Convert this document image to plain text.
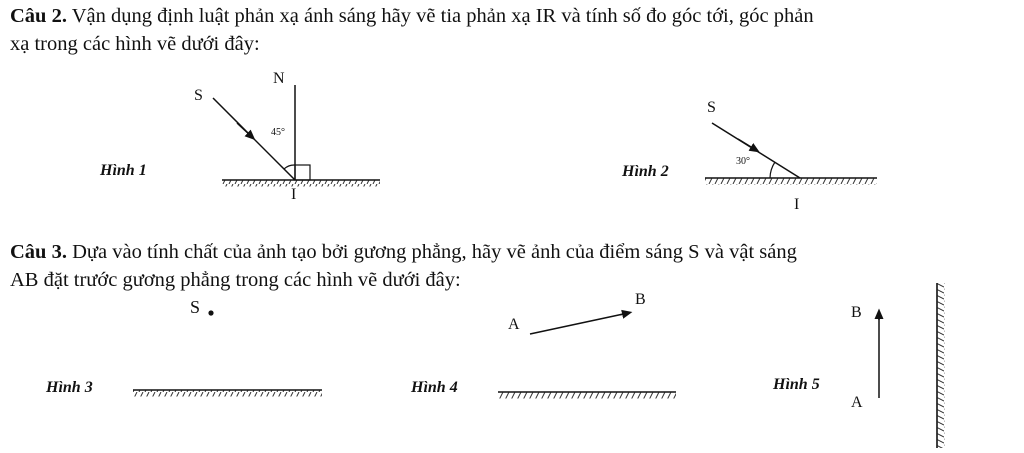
Câu 2. Vận dụng định luật phản xạ ánh sáng hãy vẽ tia phản xạ IR và tính số đo góc tới, góc phản
xạ trong các hình vẽ dưới đây:
Câu 3. Dựa vào tính chất của ảnh tạo bởi gương phẳng, hãy vẽ ảnh của điểm sáng S và vật sáng
AB đặt trước gương phẳng trong các hình vẽ dưới đây:
Hình 1
S
N
45°
I
Hình 2
S
30°
I
Hình 3
S
Hình 4
A
B
Hình 5
A
B
